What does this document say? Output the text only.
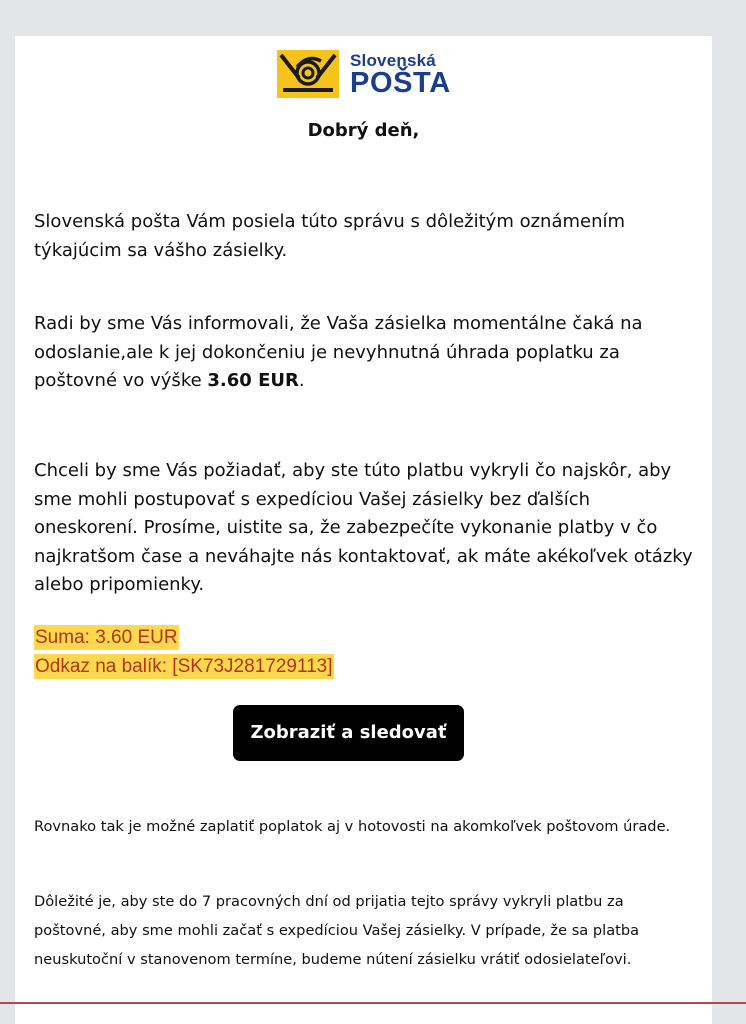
Slovenská
POŠTA
Dobrý deň,

Slovenská pošta Vám posiela túto správu s dôležitým oznámením týkajúcim sa vášho zásielky.

Radi by sme Vás informovali, že Vaša zásielka momentálne čaká na odoslanie,ale k jej dokončeniu je nevyhnutná úhrada poplatku za poštovné vo výške 3.60 EUR.

Chceli by sme Vás požiadať, aby ste túto platbu vykryli čo najskôr, aby sme mohli postupovať s expedíciou Vašej zásielky bez ďalších oneskorení. Prosíme, uistite sa, že zabezpečíte vykonanie platby v čo najkratšom čase a neváhajte nás kontaktovať, ak máte akékoľvek otázky alebo pripomienky.

Suma: 3.60 EUR

Odkaz na balík: [SK73J281729113]

Zobraziť a sledovať

Rovnako tak je možné zaplatiť poplatok aj v hotovosti na akomkoľvek poštovom úrade.

Dôležité je, aby ste do 7 pracovných dní od prijatia tejto správy vykryli platbu za poštovné, aby sme mohli začať s expedíciou Vašej zásielky. V prípade, že sa platba neuskutoční v stanovenom termíne, budeme nútení zásielku vrátiť odosielateľovi.
